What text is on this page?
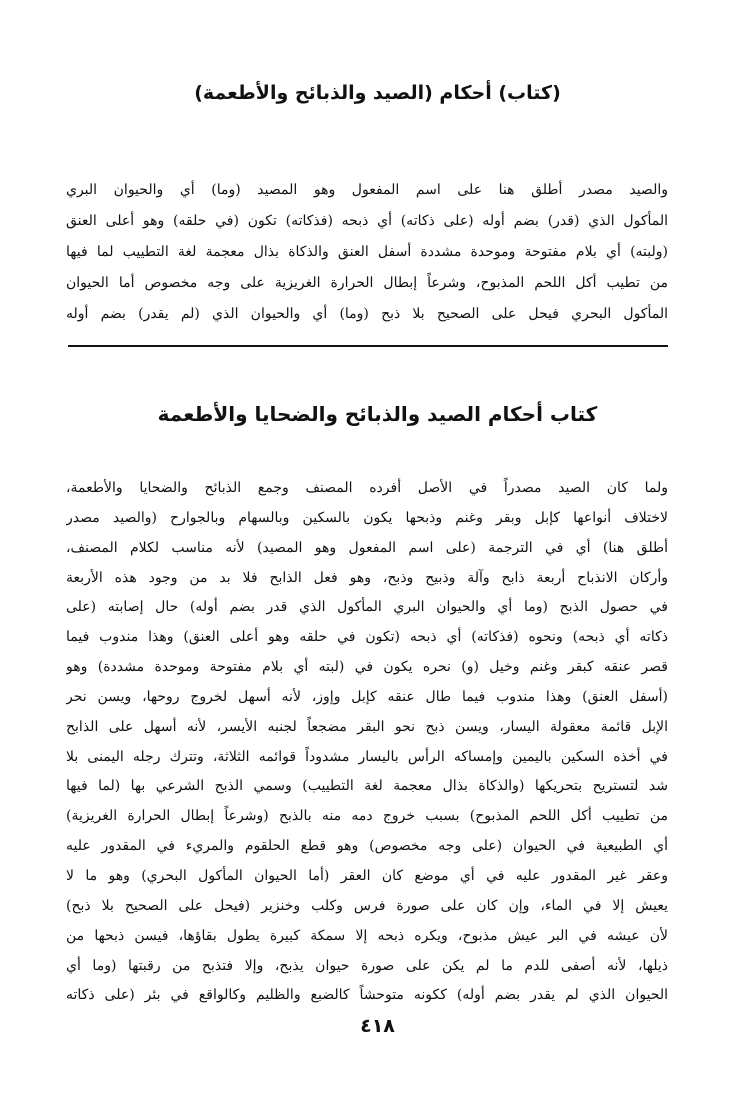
(كتاب) أحكام (الصيد والذبائح والأطعمة)
والصيد مصدر أطلق هنا على اسم المفعول وهو المصيد (وما) أي والحيوان البري
المأكول الذي (قدر) بضم أوله (على ذكاته) أي ذبحه (فذكاته) تكون (في حلقه) وهو أعلى العنق
(ولبته) أي بلام مفتوحة وموحدة مشددة أسفل العنق والذكاة بذال معجمة لغة التطييب لما فيها
من تطيب أكل اللحم المذبوح، وشرعاً إبطال الحرارة الغريزية على وجه مخصوص أما الحيوان
المأكول البحري فيحل على الصحيح بلا ذبح (وما) أي والحيوان الذي (لم يقدر) بضم أوله
كتاب أحكام الصيد والذبائح والضحايا والأطعمة
ولما كان الصيد مصدراً في الأصل أفرده المصنف وجمع الذبائح والضحايا والأطعمة،
لاختلاف أنواعها كإبل وبقر وغنم وذبحها يكون بالسكين وبالسهام وبالجوارح (والصيد مصدر
أطلق هنا) أي في الترجمة (على اسم المفعول وهو المصيد) لأنه مناسب لكلام المصنف،
وأركان الانذباح أربعة ذابح وآلة وذبيح وذبح، وهو فعل الذابح فلا بد من وجود هذه الأربعة
في حصول الذبح (وما أي والحيوان البري المأكول الذي قدر بضم أوله) حال إصابته (على
ذكاته أي ذبحه) ونحوه (فذكاته) أي ذبحه (تكون في حلقه وهو أعلى العنق) وهذا مندوب فيما
قصر عنقه كبقر وغنم وخيل (و) نحره يكون في (لبته أي بلام مفتوحة وموحدة مشددة) وهو
(أسفل العنق) وهذا مندوب فيما طال عنقه كإبل وإوز، لأنه أسهل لخروج روحها، ويسن نحر
الإبل قائمة معقولة اليسار، ويسن ذبح نحو البقر مضجعاً لجنبه الأيسر، لأنه أسهل على الذابح
في أخذه السكين باليمين وإمساكه الرأس باليسار مشدوداً قوائمه الثلاثة، وتترك رجله اليمنى بلا
شد لتستريح بتحريكها (والذكاة بذال معجمة لغة التطييب) وسمي الذبح الشرعي بها (لما فيها
من تطييب أكل اللحم المذبوح) بسبب خروج دمه منه بالذبح (وشرعاً إبطال الحرارة الغريزية)
أي الطبيعية في الحيوان (على وجه مخصوص) وهو قطع الحلقوم والمريء في المقدور عليه
وعقر غير المقدور عليه في أي موضع كان العقر (أما الحيوان المأكول البحري) وهو ما لا
يعيش إلا في الماء، وإن كان على صورة فرس وكلب وخنزير (فيحل على الصحيح بلا ذبح)
لأن عيشه في البر عيش مذبوح، ويكره ذبحه إلا سمكة كبيرة يطول بقاؤها، فيسن ذبحها من
ذيلها، لأنه أصفى للدم ما لم يكن على صورة حيوان يذبح، وإلا فتذبح من رقبتها (وما أي
الحيوان الذي لم يقدر بضم أوله) ككونه متوحشاً كالضبع والظليم وكالواقع في بئر (على ذكاته
٤١٨
